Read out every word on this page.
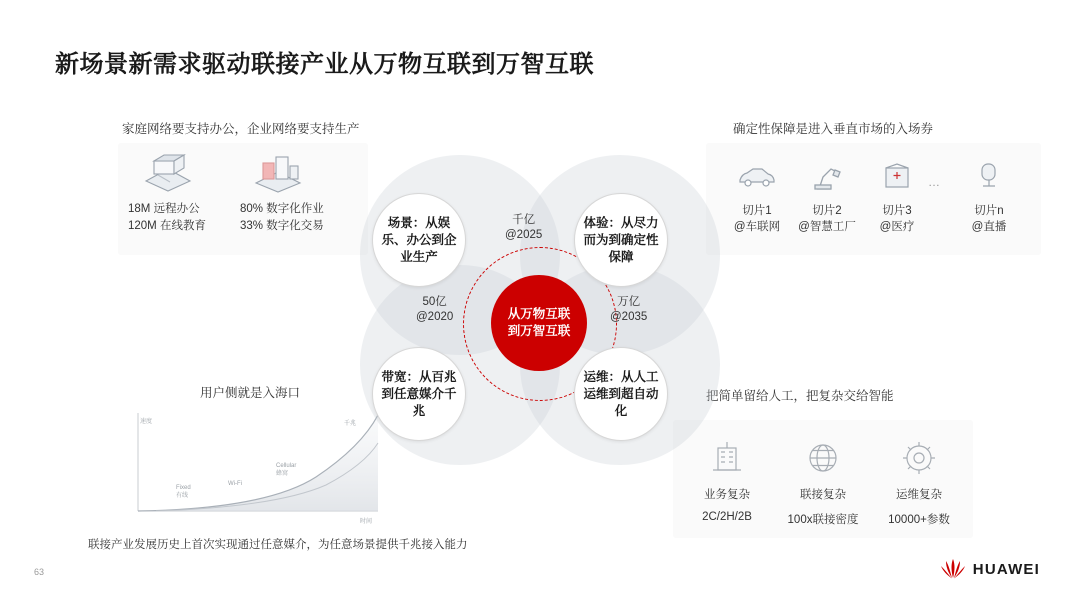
新场景新需求驱动联接产业从万物互联到万智互联
63
家庭网络要支持办公，企业网络要支持生产
18M 远程办公
120M 在线教育
80% 数字化作业
33% 数字化交易
确定性保障是进入垂直市场的入场券
切片1
@车联网
切片2
@智慧工厂
切片3
@医疗
…
切片n
@直播
把简单留给人工，把复杂交给智能
业务复杂
2C/2H/2B
联接复杂
100x联接密度
运维复杂
10000+参数
用户侧就是入海口
速度
时间
Fixed
有线
Wi-Fi
Cellular
蜂窝
千兆
联接产业发展历史上首次实现通过任意媒介，为任意场景提供千兆接入能力
场景：从娱乐、办公到企业生产
体验：从尽力而为到确定性保障
带宽：从百兆到任意媒介千兆
运维：从人工运维到超自动化
从万物互联
到万智互联
50亿
@2020
千亿
@2025
万亿
@2035
HUAWEI
